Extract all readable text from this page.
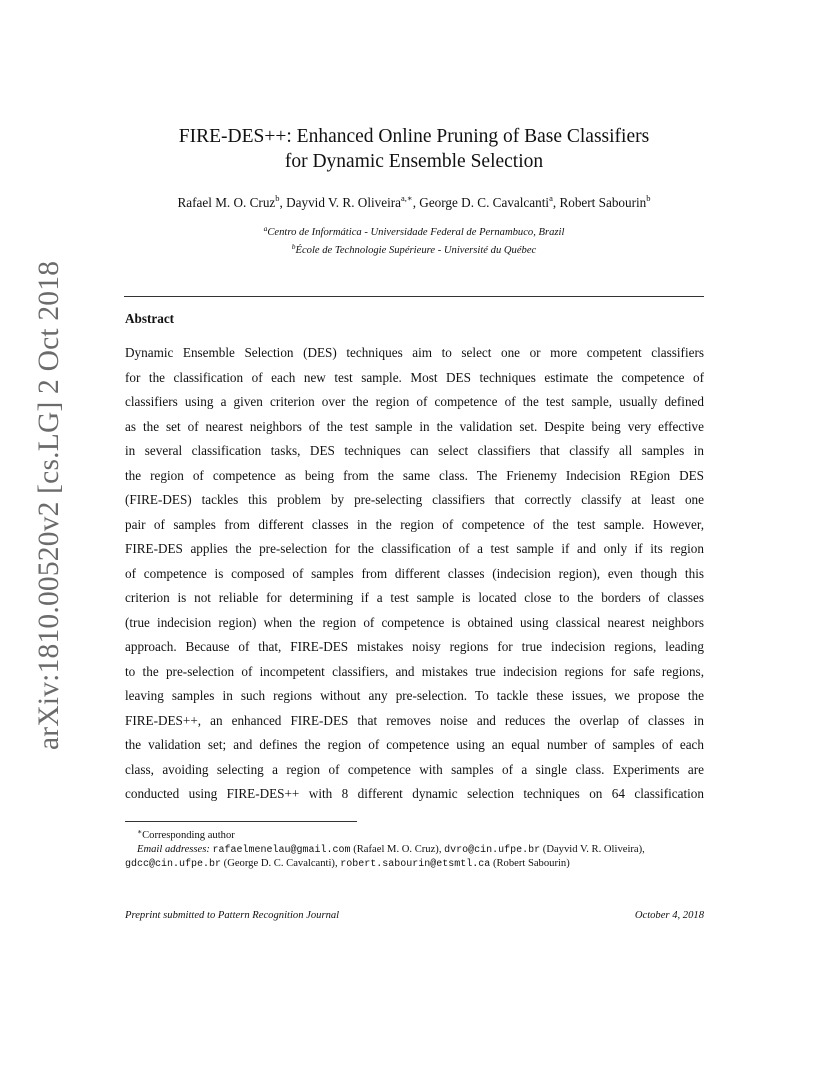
arXiv:1810.00520v2 [cs.LG] 2 Oct 2018
FIRE-DES++: Enhanced Online Pruning of Base Classifiers
for Dynamic Ensemble Selection
Rafael M. O. Cruz$^b$, Dayvid V. R. Oliveira$^{a,∗}$, George D. C. Cavalcanti$^a$, Robert Sabourin$^b$
$^a$Centro de Informática - Universidade Federal de Pernambuco, Brazil
$^b$École de Technologie Supérieure - Université du Québec
Abstract
Dynamic Ensemble Selection (DES) techniques aim to select one or more competent classifiers
for the classification of each new test sample. Most DES techniques estimate the competence of
classifiers using a given criterion over the region of competence of the test sample, usually defined
as the set of nearest neighbors of the test sample in the validation set. Despite being very effective
in several classification tasks, DES techniques can select classifiers that classify all samples in
the region of competence as being from the same class. The Frienemy Indecision REgion DES
(FIRE-DES) tackles this problem by pre-selecting classifiers that correctly classify at least one
pair of samples from different classes in the region of competence of the test sample. However,
FIRE-DES applies the pre-selection for the classification of a test sample if and only if its region
of competence is composed of samples from different classes (indecision region), even though this
criterion is not reliable for determining if a test sample is located close to the borders of classes
(true indecision region) when the region of competence is obtained using classical nearest neighbors
approach. Because of that, FIRE-DES mistakes noisy regions for true indecision regions, leading
to the pre-selection of incompetent classifiers, and mistakes true indecision regions for safe regions,
leaving samples in such regions without any pre-selection. To tackle these issues, we propose the
FIRE-DES++, an enhanced FIRE-DES that removes noise and reduces the overlap of classes in
the validation set; and defines the region of competence using an equal number of samples of each
class, avoiding selecting a region of competence with samples of a single class. Experiments are
conducted using FIRE-DES++ with 8 different dynamic selection techniques on 64 classification
∗Corresponding author
Email addresses: rafaelmenelau@gmail.com (Rafael M. O. Cruz), dvro@cin.ufpe.br (Dayvid V. R. Oliveira),
gdcc@cin.ufpe.br (George D. C. Cavalcanti), robert.sabourin@etsmtl.ca (Robert Sabourin)
Preprint submitted to Pattern Recognition Journal	October 4, 2018
